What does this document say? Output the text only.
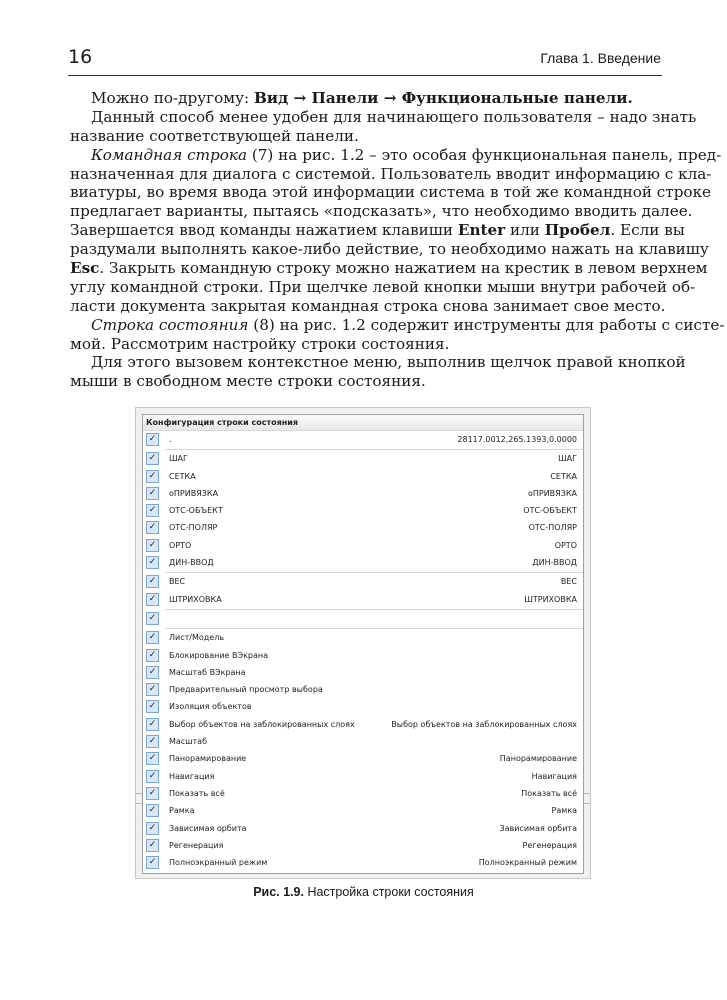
16	Глава 1. Введение
Можно по-другому: Вид → Панели → Функциональные панели.
Данный способ менее удобен для начинающего пользователя – надо знать
название соответствующей панели.
Командная строка (7) на рис. 1.2 – это особая функциональная панель, пред-
назначенная для диалога с системой. Пользователь вводит информацию с кла-
виатуры, во время ввода этой информации система в той же командной строке
предлагает варианты, пытаясь «подсказать», что необходимо вводить далее.
Завершается ввод команды нажатием клавиши Enter или Пробел. Если вы
раздумали выполнять какое-либо действие, то необходимо нажать на клавишу
Esc. Закрыть командную строку можно нажатием на крестик в левом верхнем
углу командной строки. При щелчке левой кнопки мыши внутри рабочей об-
ласти документа закрытая командная строка снова занимает свое место.
Строка состояния (8) на рис. 1.2 содержит инструменты для работы с систе-
мой. Рассмотрим настройку строки состояния.
Для этого вызовем контекстное меню, выполнив щелчок правой кнопкой
мыши в свободном месте строки состояния.
Конфигурация строки состояния
✓	.	28117.0012,265.1393,0.0000
✓	ШАГ	ШАГ
✓	СЕТКА	СЕТКА
✓	оПРИВЯЗКА	оПРИВЯЗКА
✓	ОТС-ОБЪЕКТ	ОТС-ОБЪЕКТ
✓	ОТС-ПОЛЯР	ОТС-ПОЛЯР
✓	ОРТО	ОРТО
✓	ДИН-ВВОД	ДИН-ВВОД
✓	ВЕС	ВЕС
✓	ШТРИХОВКА	ШТРИХОВКА
✓
✓	Лист/Модель
✓	Блокирование ВЭкрана
✓	Масштаб ВЭкрана
✓	Предварительный просмотр выбора
✓	Изоляция объектов
✓	Выбор объектов на заблокированных слоях	Выбор объектов на заблокированных слоях
✓	Масштаб
✓	Панорамирование	Панорамирование
✓	Навигация	Навигация
✓	Показать всё	Показать всё
✓	Рамка	Рамка
✓	Зависимая орбита	Зависимая орбита
✓	Регенерация	Регенерация
✓	Полноэкранный режим	Полноэкранный режим
Рис. 1.9. Настройка строки состояния
